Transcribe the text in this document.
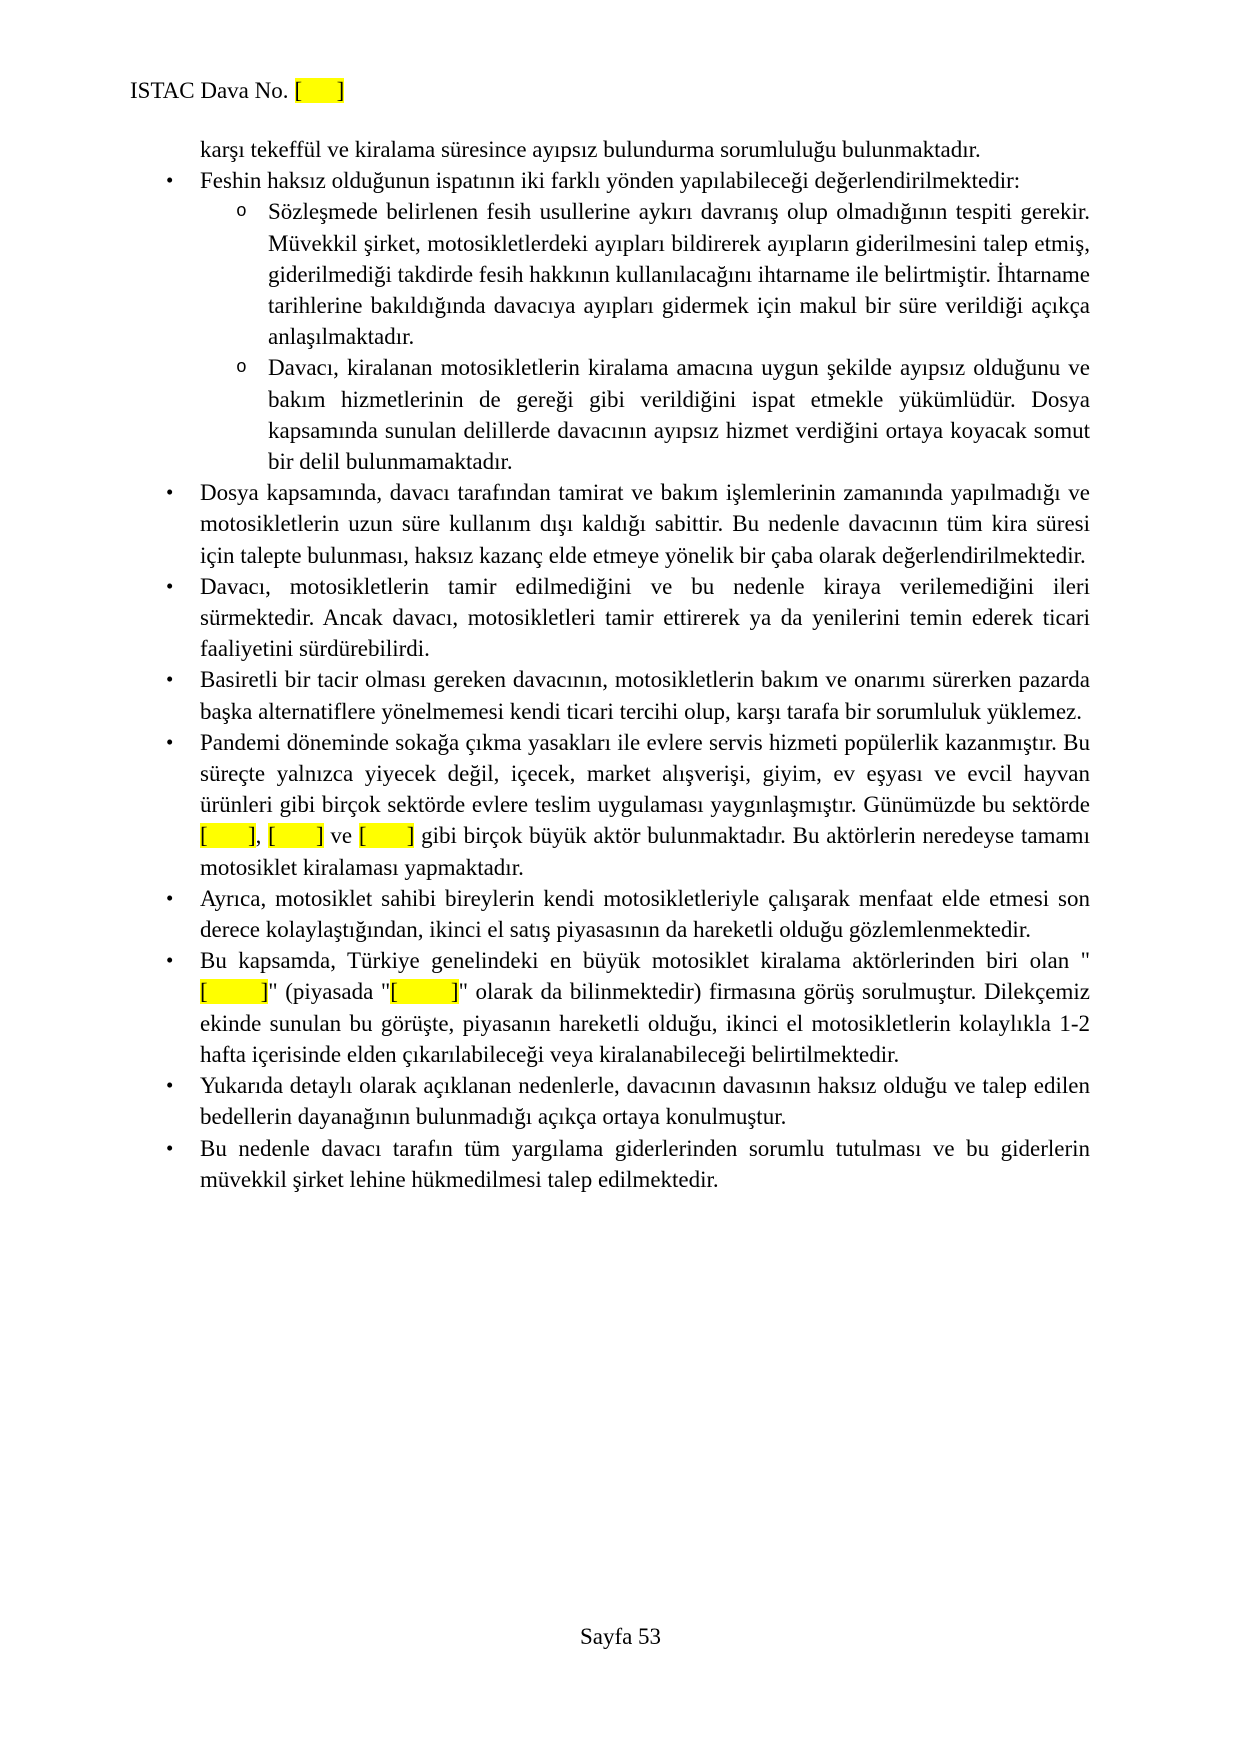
ISTAC Dava No. [      ]
karşı tekeffül ve kiralama süresince ayıpsız bulundurma sorumluluğu bulunmaktadır.
• Feshin haksız olduğunun ispatının iki farklı yönden yapılabileceği değerlendirilmektedir:
o Sözleşmede belirlenen fesih usullerine aykırı davranış olup olmadığının tespiti gerekir. Müvekkil şirket, motosikletlerdeki ayıpları bildirerek ayıpların giderilmesini talep etmiş, giderilmediği takdirde fesih hakkının kullanılacağını ihtarname ile belirtmiştir. İhtarname tarihlerine bakıldığında davacıya ayıpları gidermek için makul bir süre verildiği açıkça anlaşılmaktadır.
o Davacı, kiralanan motosikletlerin kiralama amacına uygun şekilde ayıpsız olduğunu ve bakım hizmetlerinin de gereği gibi verildiğini ispat etmekle yükümlüdür. Dosya kapsamında sunulan delillerde davacının ayıpsız hizmet verdiğini ortaya koyacak somut bir delil bulunmamaktadır.
• Dosya kapsamında, davacı tarafından tamirat ve bakım işlemlerinin zamanında yapılmadığı ve motosikletlerin uzun süre kullanım dışı kaldığı sabittir. Bu nedenle davacının tüm kira süresi için talepte bulunması, haksız kazanç elde etmeye yönelik bir çaba olarak değerlendirilmektedir.
• Davacı, motosikletlerin tamir edilmediğini ve bu nedenle kiraya verilemediğini ileri sürmektedir. Ancak davacı, motosikletleri tamir ettirerek ya da yenilerini temin ederek ticari faaliyetini sürdürebilirdi.
• Basiretli bir tacir olması gereken davacının, motosikletlerin bakım ve onarımı sürerken pazarda başka alternatiflere yönelmemesi kendi ticari tercihi olup, karşı tarafa bir sorumluluk yüklemez.
• Pandemi döneminde sokağa çıkma yasakları ile evlere servis hizmeti popülerlik kazanmıştır. Bu süreçte yalnızca yiyecek değil, içecek, market alışverişi, giyim, ev eşyası ve evcil hayvan ürünleri gibi birçok sektörde evlere teslim uygulaması yaygınlaşmıştır. Günümüzde bu sektörde [      ], [      ] ve [      ] gibi birçok büyük aktör bulunmaktadır. Bu aktörlerin neredeyse tamamı motosiklet kiralaması yapmaktadır.
• Ayrıca, motosiklet sahibi bireylerin kendi motosikletleriyle çalışarak menfaat elde etmesi son derece kolaylaştığından, ikinci el satış piyasasının da hareketli olduğu gözlemlenmektedir.
• Bu kapsamda, Türkiye genelindeki en büyük motosiklet kiralama aktörlerinden biri olan "[       ]" (piyasada "[       ]" olarak da bilinmektedir) firmasına görüş sorulmuştur. Dilekçemiz ekinde sunulan bu görüşte, piyasanın hareketli olduğu, ikinci el motosikletlerin kolaylıkla 1-2 hafta içerisinde elden çıkarılabileceği veya kiralanabileceği belirtilmektedir.
• Yukarıda detaylı olarak açıklanan nedenlerle, davacının davasının haksız olduğu ve talep edilen bedellerin dayanağının bulunmadığı açıkça ortaya konulmuştur.
• Bu nedenle davacı tarafın tüm yargılama giderlerinden sorumlu tutulması ve bu giderlerin müvekkil şirket lehine hükmedilmesi talep edilmektedir.
Sayfa 53
